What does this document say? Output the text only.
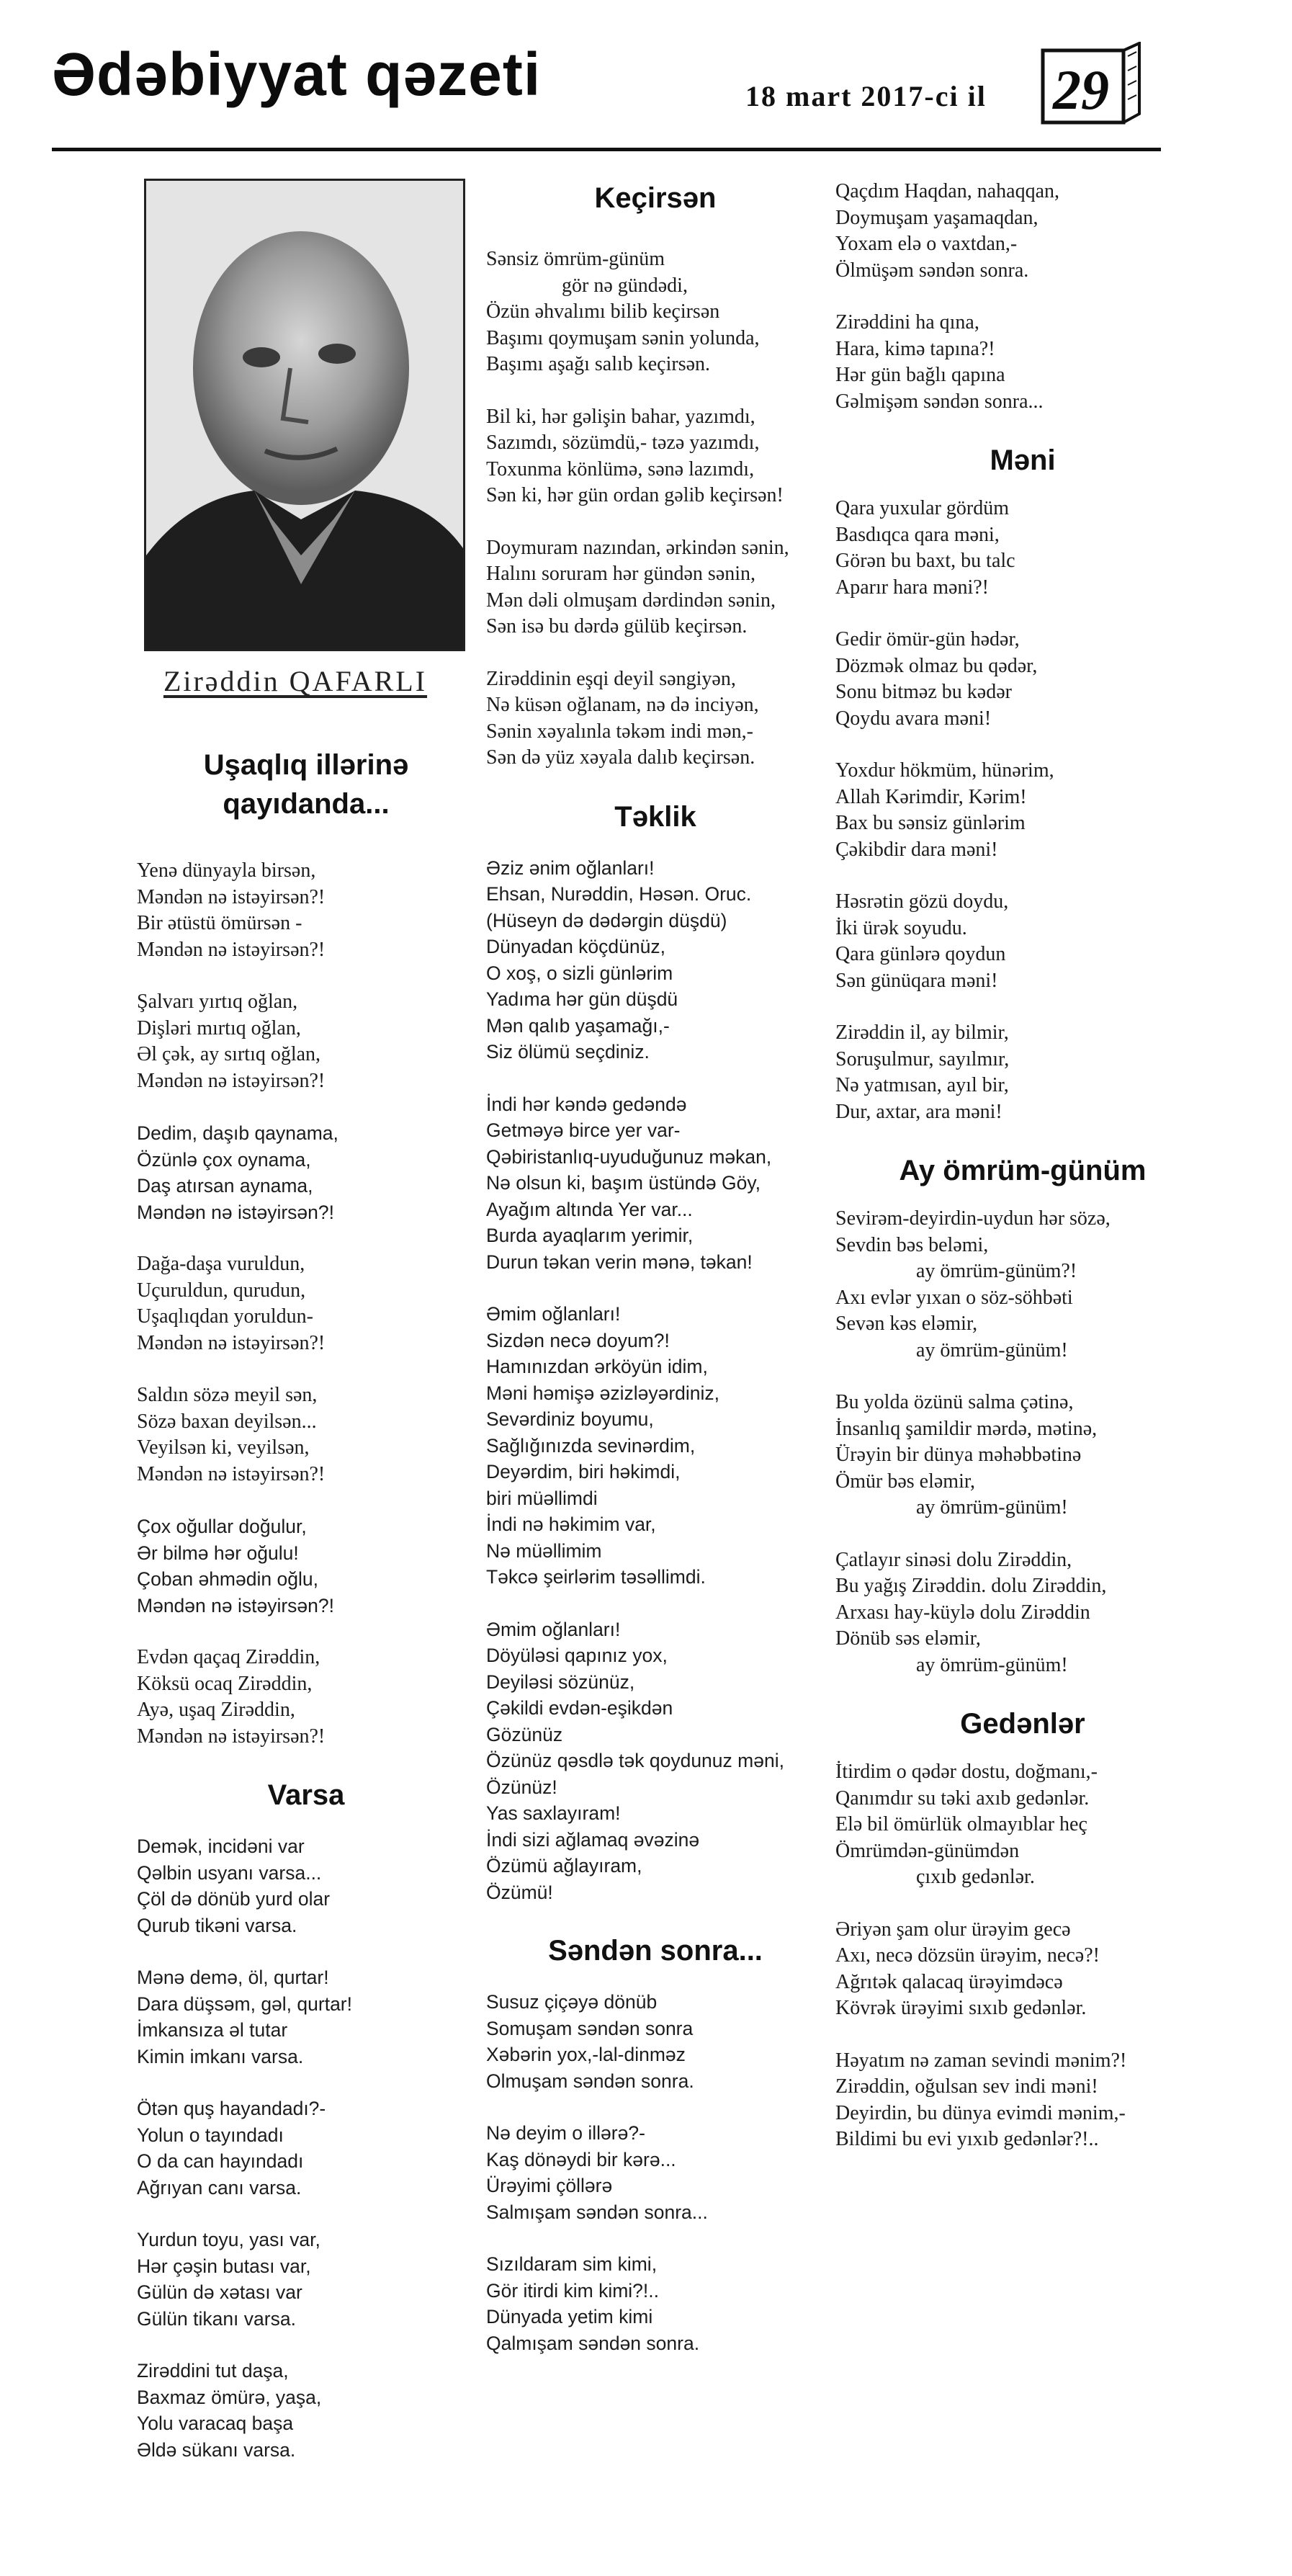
Ədəbiyyat qəzeti	18 mart 2017-ci il 29
Zirəddin QAFARLI
Uşaqlıq illərinə
qayıdanda...
Yenə dünyayla birsən,
Məndən nə istəyirsən?!
Bir ətüstü ömürsən -
Məndən nə istəyirsən?!
Şalvarı yırtıq oğlan,
Dişləri mırtıq oğlan,
Əl çək, ay sırtıq oğlan,
Məndən nə istəyirsən?!
Dedim, daşıb qaynama,
Özünlə çox oynama,
Daş atırsan aynama,
Məndən nə istəyirsən?!
Dağa-daşa vuruldun,
Uçuruldun, qurudun,
Uşaqlıqdan yoruldun-
Məndən nə istəyirsən?!
Saldın sözə meyil sən,
Sözə baxan deyilsən...
Veyilsən ki, veyilsən,
Məndən nə istəyirsən?!
Çox oğullar doğulur,
Ər bilmə hər oğulu!
Çoban əhmədin oğlu,
Məndən nə istəyirsən?!
Evdən qaçaq Zirəddin,
Köksü ocaq Zirəddin,
Ayə, uşaq Zirəddin,
Məndən nə istəyirsən?!
Varsa
Demək, incidəni var
Qəlbin usyanı varsa...
Çöl də dönüb yurd olar
Qurub tikəni varsa.
Mənə demə, öl, qurtar!
Dara düşsəm, gəl, qurtar!
İmkansıza əl tutar
Kimin imkanı varsa.
Ötən quş hayandadı?-
Yolun o tayındadı
O da can hayındadı
Ağrıyan canı varsa.
Yurdun toyu, yası var,
Hər çəşin butası var,
Gülün də xətası var
Gülün tikanı varsa.
Zirəddini tut daşa,
Baxmaz ömürə, yaşa,
Yolu varacaq başa
Əldə sükanı varsa.
Keçirsən
Sənsiz ömrüm-günüm
gör nə gündədi,
Özün əhvalımı bilib keçirsən
Başımı qoymuşam sənin yolunda,
Başımı aşağı salıb keçirsən.
Bil ki, hər gəlişin bahar, yazımdı,
Sazımdı, sözümdü,- təzə yazımdı,
Toxunma könlümə, sənə lazımdı,
Sən ki, hər gün ordan gəlib keçirsən!
Doymuram nazından, ərkindən sənin,
Halını soruram hər gündən sənin,
Mən dəli olmuşam dərdindən sənin,
Sən isə bu dərdə gülüb keçirsən.
Zirəddinin eşqi deyil səngiyən,
Nə küsən oğlanam, nə də inciyən,
Sənin xəyalınla təkəm indi mən,-
Sən də yüz xəyala dalıb keçirsən.
Təklik
Əziz ənim oğlanları!
Ehsan, Nurəddin, Həsən. Oruc.
(Hüseyn də dədərgin düşdü)
Dünyadan köçdünüz,
O xoş, o sizli günlərim
Yadıma hər gün düşdü
Mən qalıb yaşamağı,-
Siz ölümü seçdiniz.
İndi hər kəndə gedəndə
Getməyə birce yer var-
Qəbiristanlıq-uyuduğunuz məkan,
Nə olsun ki, başım üstündə Göy,
Ayağım altında Yer var...
Burda ayaqlarım yerimir,
Durun təkan verin mənə, təkan!
Əmim oğlanları!
Sizdən necə doyum?!
Hamınızdan ərköyün idim,
Məni həmişə əzizləyərdiniz,
Sevərdiniz boyumu,
Sağlığınızda sevinərdim,
Deyərdim, biri həkimdi,
biri müəllimdi
İndi nə həkimim var,
Nə müəllimim
Təkcə şeirlərim təsəllimdi.
Əmim oğlanları!
Döyüləsi qapınız yox,
Deyiləsi sözünüz,
Çəkildi evdən-eşikdən
Gözünüz
Özünüz qəsdlə tək qoydunuz məni,
Özünüz!
Yas saxlayıram!
İndi sizi ağlamaq əvəzinə
Özümü ağlayıram,
Özümü!
Səndən sonra...
Susuz çiçəyə dönüb
Somuşam səndən sonra
Xəbərin yox,-lal-dinməz
Olmuşam səndən sonra.
Nə deyim o illərə?-
Kaş dönəydi bir kərə...
Ürəyimi çöllərə
Salmışam səndən sonra...
Sızıldaram sim kimi,
Gör itirdi kim kimi?!..
Dünyada yetim kimi
Qalmışam səndən sonra.
Qaçdım Haqdan, nahaqqan,
Doymuşam yaşamaqdan,
Yoxam elə o vaxtdan,-
Ölmüşəm səndən sonra.
Zirəddini ha qına,
Hara, kimə tapına?!
Hər gün bağlı qapına
Gəlmişəm səndən sonra...
Məni
Qara yuxular gördüm
Basdıqca qara məni,
Görən bu baxt, bu talc
Aparır hara məni?!
Gedir ömür-gün hədər,
Dözmək olmaz bu qədər,
Sonu bitməz bu kədər
Qoydu avara məni!
Yoxdur hökmüm, hünərim,
Allah Kərimdir, Kərim!
Bax bu sənsiz günlərim
Çəkibdir dara məni!
Həsrətin gözü doydu,
İki ürək soyudu.
Qara günlərə qoydun
Sən günüqara məni!
Zirəddin il, ay bilmir,
Soruşulmur, sayılmır,
Nə yatmısan, ayıl bir,
Dur, axtar, ara məni!
Ay ömrüm-günüm
Sevirəm-deyirdin-uydun hər sözə,
Sevdin bəs beləmi,
ay ömrüm-günüm?!
Axı evlər yıxan o söz-söhbəti
Sevən kəs eləmir,
ay ömrüm-günüm!
Bu yolda özünü salma çətinə,
İnsanlıq şamildir mərdə, mətinə,
Ürəyin bir dünya məhəbbətinə
Ömür bəs eləmir,
ay ömrüm-günüm!
Çatlayır sinəsi dolu Zirəddin,
Bu yağış Zirəddin. dolu Zirəddin,
Arxası hay-küylə dolu Zirəddin
Dönüb səs eləmir,
ay ömrüm-günüm!
Gedənlər
İtirdim o qədər dostu, doğmanı,-
Qanımdır su təki axıb gedənlər.
Elə bil ömürlük olmayıblar heç
Ömrümdən-günümdən
çıxıb gedənlər.
Əriyən şam olur ürəyim gecə
Axı, necə dözsün ürəyim, necə?!
Ağrıtək qalacaq ürəyimdəcə
Kövrək ürəyimi sıxıb gedənlər.
Həyatım nə zaman sevindi mənim?!
Zirəddin, oğulsan sev indi məni!
Deyirdin, bu dünya evimdi mənim,-
Bildimi bu evi yıxıb gedənlər?!..
